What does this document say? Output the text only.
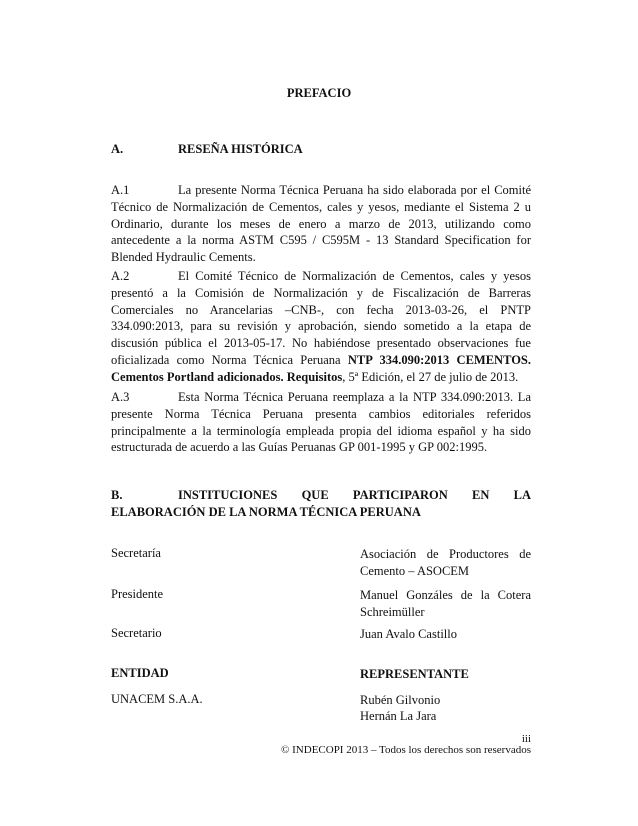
PREFACIO
A.	RESEÑA HISTÓRICA

A.1	La presente Norma Técnica Peruana ha sido elaborada por el Comité Técnico de Normalización de Cementos, cales y yesos, mediante el Sistema 2 u Ordinario, durante los meses de enero a marzo de 2013, utilizando como antecedente a la norma ASTM C595 / C595M - 13 Standard Specification for Blended Hydraulic Cements.

A.2	El Comité Técnico de Normalización de Cementos, cales y yesos presentó a la Comisión de Normalización y de Fiscalización de Barreras Comerciales no Arancelarias –CNB-, con fecha 2013-03-26, el PNTP 334.090:2013, para su revisión y aprobación, siendo sometido a la etapa de discusión pública el 2013-05-17. No habiéndose presentado observaciones fue oficializada como Norma Técnica Peruana NTP 334.090:2013 CEMENTOS. Cementos Portland adicionados. Requisitos, 5ª Edición, el 27 de julio de 2013.

A.3	Esta Norma Técnica Peruana reemplaza a la NTP 334.090:2013. La presente Norma Técnica Peruana presenta cambios editoriales referidos principalmente a la terminología empleada propia del idioma español y ha sido estructurada de acuerdo a las Guías Peruanas GP 001-1995 y GP 002:1995.

B.	INSTITUCIONES QUE PARTICIPARON EN LA ELABORACIÓN DE LA NORMA TÉCNICA PERUANA

Secretaría	Asociación de Productores de Cemento – ASOCEM
Presidente	Manuel Gonzáles de la Cotera Schreimüller
Secretario	Juan Avalo Castillo
ENTIDAD	REPRESENTANTE
UNACEM S.A.A.	Rubén Gilvonio
Hernán La Jara
iii
© INDECOPI 2013 – Todos los derechos son reservados
